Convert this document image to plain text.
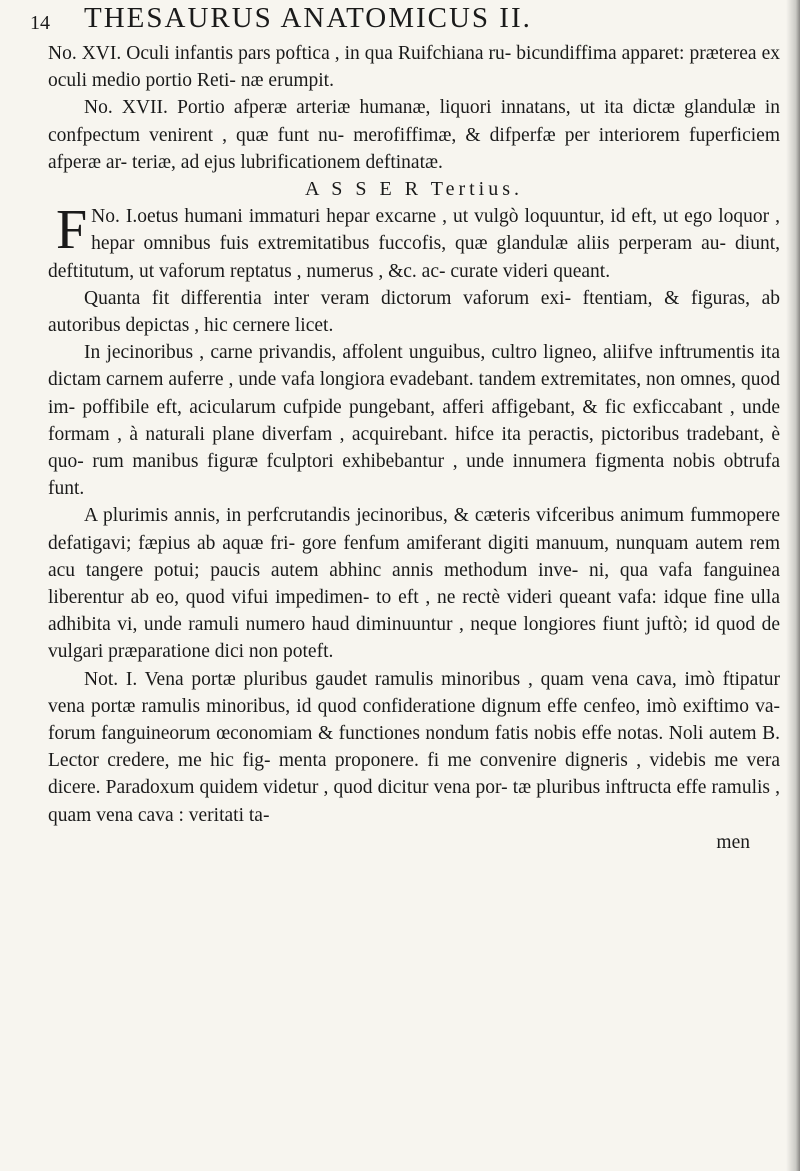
14 THESAURUS ANATOMICUS II.

No. XVI. Oculi infantis pars poftica , in qua Ruifchiana ru- bicundiffima apparet: præterea ex oculi medio portio Reti- næ erumpit.

No. XVII. Portio afperæ arteriæ humanæ, liquori innatans, ut ita dictæ glandulæ in confpectum venirent , quæ funt nu- merofiffimæ, & difperfæ per interiorem fuperficiem afperæ ar- teriæ, ad ejus lubrificationem deftinatæ.

A S S E R Tertius.

No. I.
F	oetus humani immaturi hepar excarne , ut vulgò loquuntur, id eft, ut ego loquor , hepar omnibus fuis extremitatibus fuccofis, quæ glandulæ aliis perperam au- diunt, deftitutum, ut vaforum reptatus , numerus , &c. ac- curate videri queant.

Quanta fit differentia inter veram dictorum vaforum exi- ftentiam, & figuras, ab autoribus depictas , hic cernere licet.

In jecinoribus , carne privandis, affolent unguibus, cultro ligneo, aliifve inftrumentis ita dictam carnem auferre , unde vafa longiora evadebant. tandem extremitates, non omnes, quod im- poffibile eft, acicularum cufpide pungebant, afferi affigebant, & fic exficcabant , unde formam , à naturali plane diverfam , acquirebant. hifce ita peractis, pictoribus tradebant, è quo- rum manibus figuræ fculptori exhibebantur , unde innumera figmenta nobis obtrufa funt.

A plurimis annis, in perfcrutandis jecinoribus, & cæteris vifceribus animum fummopere defatigavi; fæpius ab aquæ fri- gore fenfum amiferant digiti manuum, nunquam autem rem acu tangere potui; paucis autem abhinc annis methodum inve- ni, qua vafa fanguinea liberentur ab eo, quod vifui impedimen- to eft , ne rectè videri queant vafa: idque fine ulla adhibita vi, unde ramuli numero haud diminuuntur , neque longiores fiunt juftò; id quod de vulgari præparatione dici non poteft.

Not. I. Vena portæ pluribus gaudet ramulis minoribus , quam vena cava, imò ftipatur vena portæ ramulis minoribus, id quod confideratione dignum effe cenfeo, imò exiftimo va- forum fanguineorum œconomiam & functiones nondum fatis nobis effe notas. Noli autem B. Lector credere, me hic fig- menta proponere. fi me convenire digneris , videbis me vera dicere. Paradoxum quidem videtur , quod dicitur vena por- tæ pluribus inftructa effe ramulis , quam vena cava : veritati ta-

men
